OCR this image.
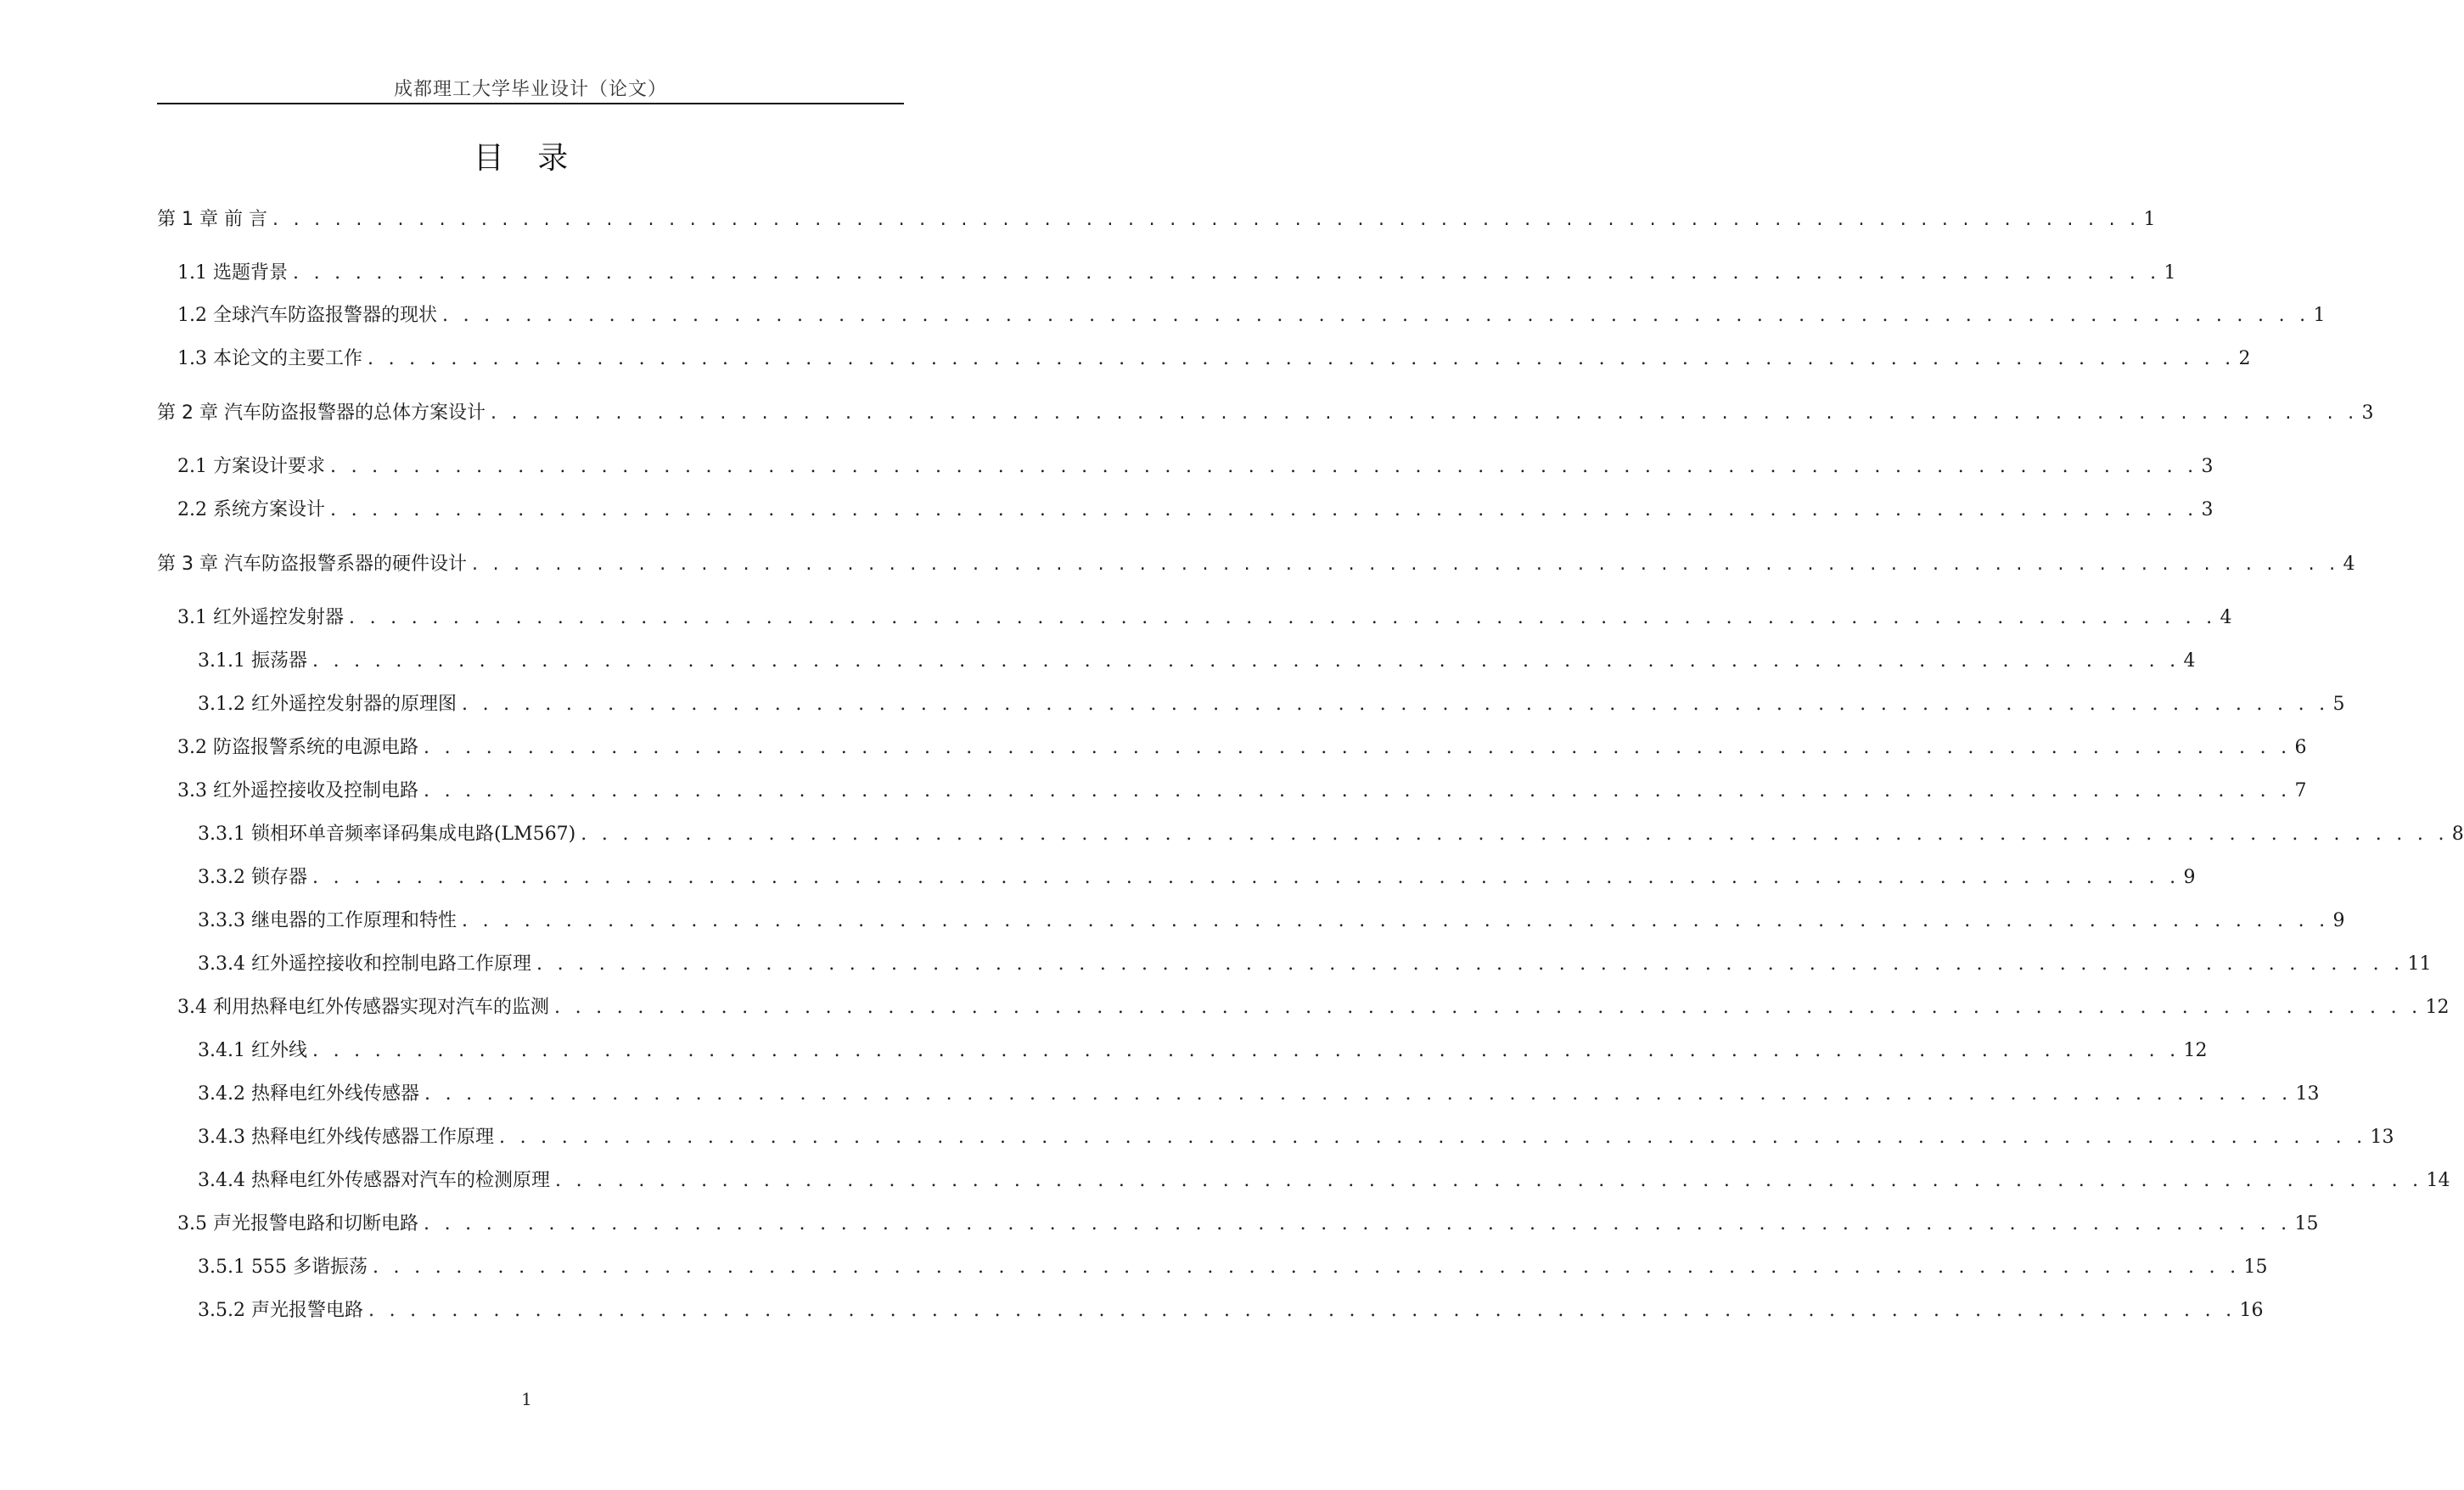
成都理工大学毕业设计（论文）
目 录
第 1 章 前 言 . . . . . . . . . . . . . . . . . . . . . . . . . . . . . . . . . . . . . . . . . . . . . . . . . . . . . . . . . . . . . . . . . . . . . . . . . . . . . . . . . . . . . . . . . . 1
1.1 选题背景 . . . . . . . . . . . . . . . . . . . . . . . . . . . . . . . . . . . . . . . . . . . . . . . . . . . . . . . . . . . . . . . . . . . . . . . . . . . . . . . . . . . . . . . . . . 1
1.2 全球汽车防盗报警器的现状 . . . . . . . . . . . . . . . . . . . . . . . . . . . . . . . . . . . . . . . . . . . . . . . . . . . . . . . . . . . . . . . . . . . . . . . . . . . . . . . . . . . . . . . . . . 1
1.3 本论文的主要工作 . . . . . . . . . . . . . . . . . . . . . . . . . . . . . . . . . . . . . . . . . . . . . . . . . . . . . . . . . . . . . . . . . . . . . . . . . . . . . . . . . . . . . . . . . . 2
第 2 章 汽车防盗报警器的总体方案设计 . . . . . . . . . . . . . . . . . . . . . . . . . . . . . . . . . . . . . . . . . . . . . . . . . . . . . . . . . . . . . . . . . . . . . . . . . . . . . . . . . . . . . . . . . . 3
2.1 方案设计要求 . . . . . . . . . . . . . . . . . . . . . . . . . . . . . . . . . . . . . . . . . . . . . . . . . . . . . . . . . . . . . . . . . . . . . . . . . . . . . . . . . . . . . . . . . . 3
2.2 系统方案设计 . . . . . . . . . . . . . . . . . . . . . . . . . . . . . . . . . . . . . . . . . . . . . . . . . . . . . . . . . . . . . . . . . . . . . . . . . . . . . . . . . . . . . . . . . . 3
第 3 章 汽车防盗报警系器的硬件设计 . . . . . . . . . . . . . . . . . . . . . . . . . . . . . . . . . . . . . . . . . . . . . . . . . . . . . . . . . . . . . . . . . . . . . . . . . . . . . . . . . . . . . . . . . . 4
3.1 红外遥控发射器 . . . . . . . . . . . . . . . . . . . . . . . . . . . . . . . . . . . . . . . . . . . . . . . . . . . . . . . . . . . . . . . . . . . . . . . . . . . . . . . . . . . . . . . . . . 4
3.1.1 振荡器 . . . . . . . . . . . . . . . . . . . . . . . . . . . . . . . . . . . . . . . . . . . . . . . . . . . . . . . . . . . . . . . . . . . . . . . . . . . . . . . . . . . . . . . . . . 4
3.1.2 红外遥控发射器的原理图 . . . . . . . . . . . . . . . . . . . . . . . . . . . . . . . . . . . . . . . . . . . . . . . . . . . . . . . . . . . . . . . . . . . . . . . . . . . . . . . . . . . . . . . . . . 5
3.2 防盗报警系统的电源电路 . . . . . . . . . . . . . . . . . . . . . . . . . . . . . . . . . . . . . . . . . . . . . . . . . . . . . . . . . . . . . . . . . . . . . . . . . . . . . . . . . . . . . . . . . . 6
3.3 红外遥控接收及控制电路 . . . . . . . . . . . . . . . . . . . . . . . . . . . . . . . . . . . . . . . . . . . . . . . . . . . . . . . . . . . . . . . . . . . . . . . . . . . . . . . . . . . . . . . . . . 7
3.3.1 锁相环单音频率译码集成电路(LM567) . . . . . . . . . . . . . . . . . . . . . . . . . . . . . . . . . . . . . . . . . . . . . . . . . . . . . . . . . . . . . . . . . . . . . . . . . . . . . . . . . . . . . . . . . . 8
3.3.2 锁存器 . . . . . . . . . . . . . . . . . . . . . . . . . . . . . . . . . . . . . . . . . . . . . . . . . . . . . . . . . . . . . . . . . . . . . . . . . . . . . . . . . . . . . . . . . . 9
3.3.3 继电器的工作原理和特性 . . . . . . . . . . . . . . . . . . . . . . . . . . . . . . . . . . . . . . . . . . . . . . . . . . . . . . . . . . . . . . . . . . . . . . . . . . . . . . . . . . . . . . . . . . 9
3.3.4 红外遥控接收和控制电路工作原理 . . . . . . . . . . . . . . . . . . . . . . . . . . . . . . . . . . . . . . . . . . . . . . . . . . . . . . . . . . . . . . . . . . . . . . . . . . . . . . . . . . . . . . . . . . 11
3.4 利用热释电红外传感器实现对汽车的监测 . . . . . . . . . . . . . . . . . . . . . . . . . . . . . . . . . . . . . . . . . . . . . . . . . . . . . . . . . . . . . . . . . . . . . . . . . . . . . . . . . . . . . . . . . . 12
3.4.1 红外线 . . . . . . . . . . . . . . . . . . . . . . . . . . . . . . . . . . . . . . . . . . . . . . . . . . . . . . . . . . . . . . . . . . . . . . . . . . . . . . . . . . . . . . . . . . 12
3.4.2 热释电红外线传感器 . . . . . . . . . . . . . . . . . . . . . . . . . . . . . . . . . . . . . . . . . . . . . . . . . . . . . . . . . . . . . . . . . . . . . . . . . . . . . . . . . . . . . . . . . . 13
3.4.3 热释电红外线传感器工作原理 . . . . . . . . . . . . . . . . . . . . . . . . . . . . . . . . . . . . . . . . . . . . . . . . . . . . . . . . . . . . . . . . . . . . . . . . . . . . . . . . . . . . . . . . . . 13
3.4.4 热释电红外传感器对汽车的检测原理 . . . . . . . . . . . . . . . . . . . . . . . . . . . . . . . . . . . . . . . . . . . . . . . . . . . . . . . . . . . . . . . . . . . . . . . . . . . . . . . . . . . . . . . . . . 14
3.5 声光报警电路和切断电路 . . . . . . . . . . . . . . . . . . . . . . . . . . . . . . . . . . . . . . . . . . . . . . . . . . . . . . . . . . . . . . . . . . . . . . . . . . . . . . . . . . . . . . . . . . 15
3.5.1 555 多谐振荡 . . . . . . . . . . . . . . . . . . . . . . . . . . . . . . . . . . . . . . . . . . . . . . . . . . . . . . . . . . . . . . . . . . . . . . . . . . . . . . . . . . . . . . . . . . 15
3.5.2 声光报警电路 . . . . . . . . . . . . . . . . . . . . . . . . . . . . . . . . . . . . . . . . . . . . . . . . . . . . . . . . . . . . . . . . . . . . . . . . . . . . . . . . . . . . . . . . . . 16
1
